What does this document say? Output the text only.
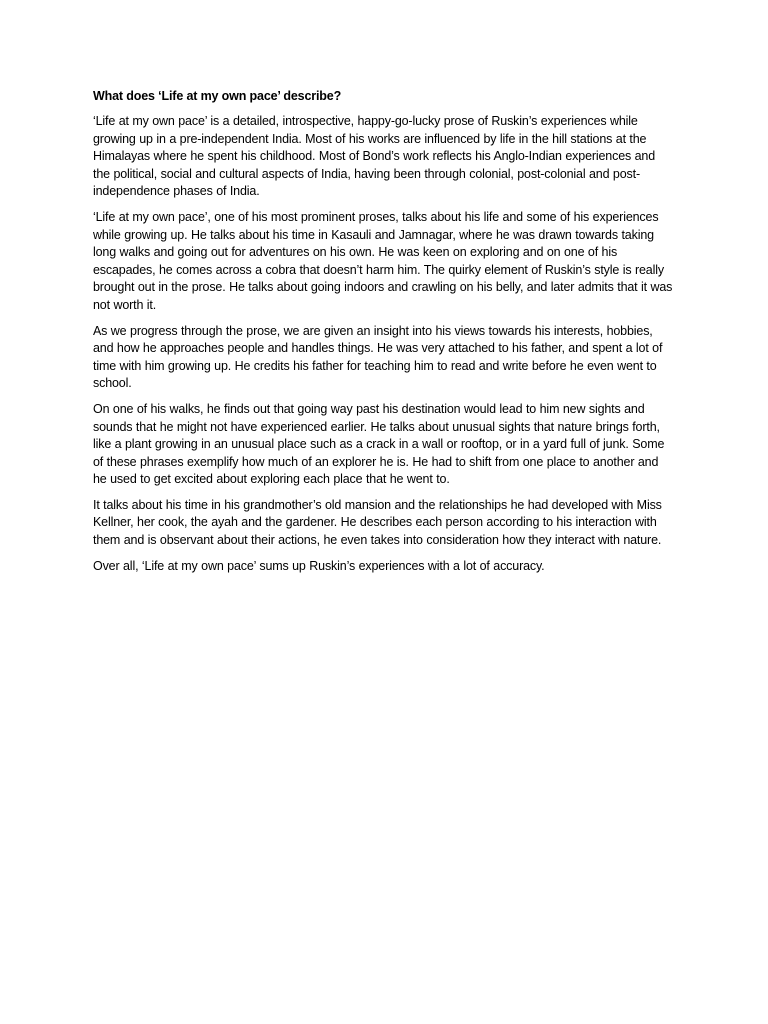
What does ‘Life at my own pace’ describe?

‘Life at my own pace’ is a detailed, introspective, happy-go-lucky prose of Ruskin’s experiences while growing up in a pre-independent India. Most of his works are influenced by life in the hill stations at the Himalayas where he spent his childhood. Most of Bond’s work reflects his Anglo-Indian experiences and the political, social and cultural aspects of India, having been through colonial, post-colonial and post-independence phases of India.

‘Life at my own pace’, one of his most prominent proses, talks about his life and some of his experiences while growing up. He talks about his time in Kasauli and Jamnagar, where he was drawn towards taking long walks and going out for adventures on his own. He was keen on exploring and on one of his escapades, he comes across a cobra that doesn’t harm him. The quirky element of Ruskin’s style is really brought out in the prose. He talks about going indoors and crawling on his belly, and later admits that it was not worth it.

As we progress through the prose, we are given an insight into his views towards his interests, hobbies, and how he approaches people and handles things. He was very attached to his father, and spent a lot of time with him growing up. He credits his father for teaching him to read and write before he even went to school.

On one of his walks, he finds out that going way past his destination would lead to him new sights and sounds that he might not have experienced earlier. He talks about unusual sights that nature brings forth, like a plant growing in an unusual place such as a crack in a wall or rooftop, or in a yard full of junk. Some of these phrases exemplify how much of an explorer he is. He had to shift from one place to another and he used to get excited about exploring each place that he went to.

It talks about his time in his grandmother’s old mansion and the relationships he had developed with Miss Kellner, her cook, the ayah and the gardener. He describes each person according to his interaction with them and is observant about their actions, he even takes into consideration how they interact with nature.

Over all, ‘Life at my own pace’ sums up Ruskin’s experiences with a lot of accuracy.
